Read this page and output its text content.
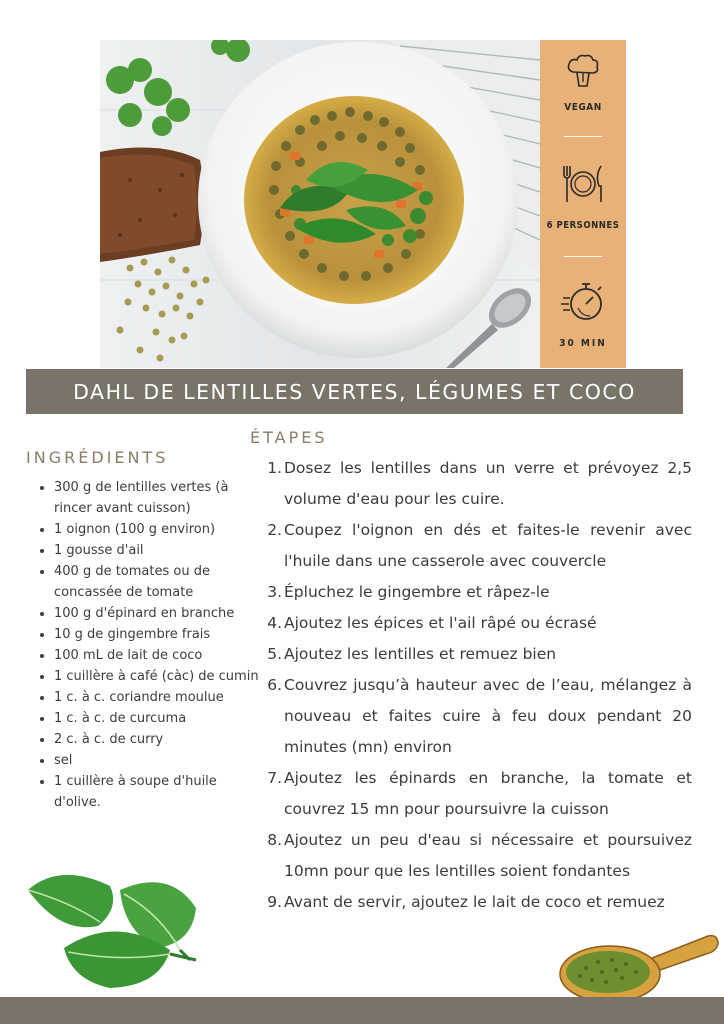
VEGAN
6 PERSONNES
30 MIN
DAHL DE LENTILLES VERTES, LÉGUMES ET COCO
INGRÉDIENTS
• 300 g de lentilles vertes (à rincer avant cuisson)
• 1 oignon (100 g environ)
• 1 gousse d'ail
• 400 g de tomates ou de concassée de tomate
• 100 g d'épinard en branche
• 10 g de gingembre frais
• 100 mL de lait de coco
• 1 cuillère à café (càc) de cumin
• 1 c. à c. coriandre moulue
• 1 c. à c. de curcuma
• 2 c. à c. de curry
• sel
• 1 cuillère à soupe d'huile d'olive.
ÉTAPES
1. Dosez les lentilles dans un verre et prévoyez 2,5 volume d'eau pour les cuire.
2. Coupez l'oignon en dés et faites-le revenir avec l'huile dans une casserole avec couvercle
3. Épluchez le gingembre et râpez-le
4. Ajoutez les épices et l'ail râpé ou écrasé
5. Ajoutez les lentilles et remuez bien
6. Couvrez jusqu’à hauteur avec de l’eau, mélangez à nouveau et faites cuire à feu doux pendant 20 minutes (mn) environ
7. Ajoutez les épinards en branche, la tomate et couvrez 15 mn pour poursuivre la cuisson
8. Ajoutez un peu d'eau si nécessaire et poursuivez 10mn pour que les lentilles soient fondantes
9. Avant de servir, ajoutez le lait de coco et remuez
